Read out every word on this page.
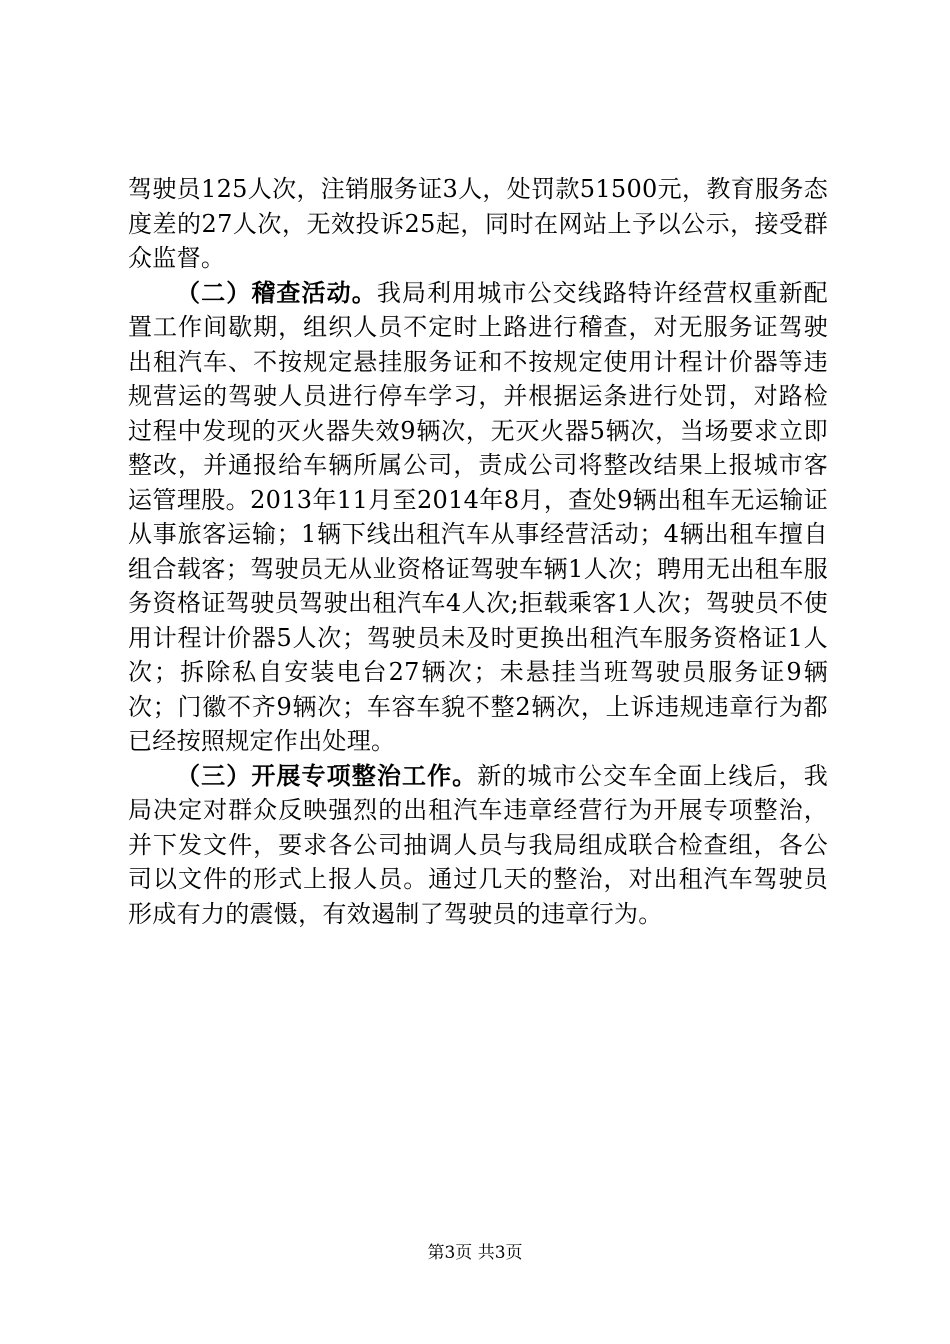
驾驶员125人次，注销服务证3人，处罚款51500元，教育服务态度差的27人次，无效投诉25起，同时在网站上予以公示，接受群众监督。

（二）稽查活动。我局利用城市公交线路特许经营权重新配置工作间歇期，组织人员不定时上路进行稽查，对无服务证驾驶出租汽车、不按规定悬挂服务证和不按规定使用计程计价器等违规营运的驾驶人员进行停车学习，并根据运条进行处罚，对路检过程中发现的灭火器失效9辆次，无灭火器5辆次，当场要求立即整改，并通报给车辆所属公司，责成公司将整改结果上报城市客运管理股。2013年11月至2014年8月，查处9辆出租车无运输证从事旅客运输；1辆下线出租汽车从事经营活动；4辆出租车擅自组合载客；驾驶员无从业资格证驾驶车辆1人次；聘用无出租车服务资格证驾驶员驾驶出租汽车4人次;拒载乘客1人次；驾驶员不使用计程计价器5人次；驾驶员未及时更换出租汽车服务资格证1人次；拆除私自安装电台27辆次；未悬挂当班驾驶员服务证9辆次；门徽不齐9辆次；车容车貌不整2辆次，上诉违规违章行为都已经按照规定作出处理。

（三）开展专项整治工作。新的城市公交车全面上线后，我局决定对群众反映强烈的出租汽车违章经营行为开展专项整治，并下发文件，要求各公司抽调人员与我局组成联合检查组，各公司以文件的形式上报人员。通过几天的整治，对出租汽车驾驶员形成有力的震慑，有效遏制了驾驶员的违章行为。

第3页 共3页
